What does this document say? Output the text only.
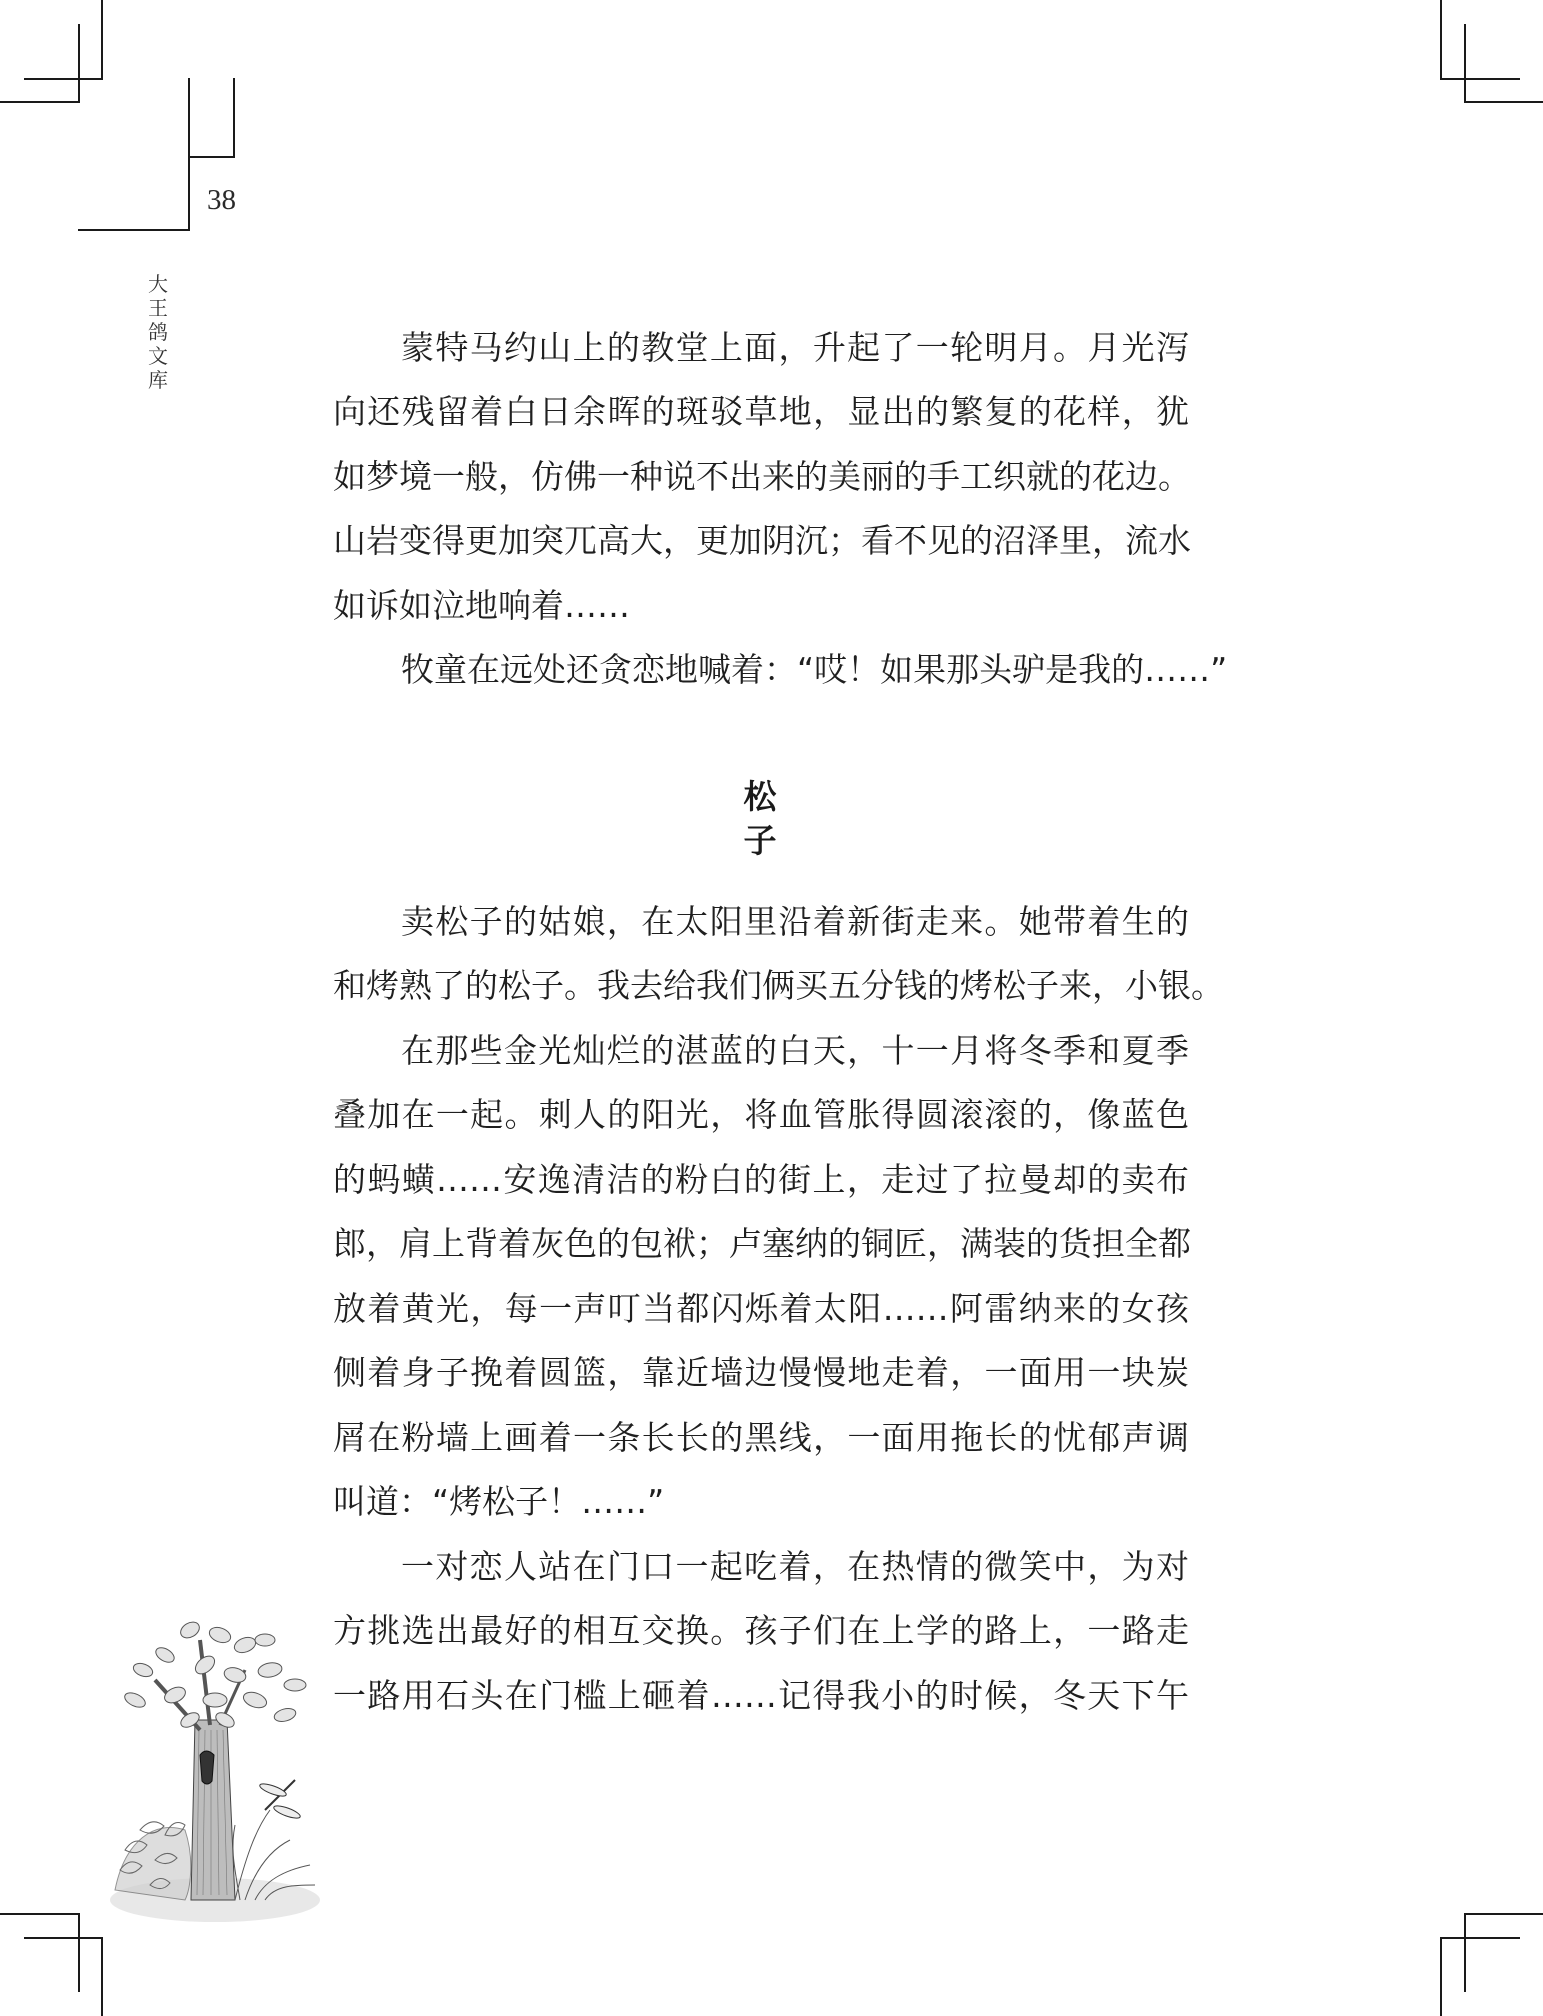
38
大王鸽文库
蒙特马约山上的教堂上面，升起了一轮明月。月光泻
向还残留着白日余晖的斑驳草地，显出的繁复的花样，犹
如梦境一般，仿佛一种说不出来的美丽的手工织就的花边。
山岩变得更加突兀高大，更加阴沉；看不见的沼泽里，流水
如诉如泣地响着……
牧童在远处还贪恋地喊着：“哎！如果那头驴是我的……”
松子
卖松子的姑娘，在太阳里沿着新街走来。她带着生的
和烤熟了的松子。我去给我们俩买五分钱的烤松子来，小银。
在那些金光灿烂的湛蓝的白天，十一月将冬季和夏季
叠加在一起。刺人的阳光，将血管胀得圆滚滚的，像蓝色
的蚂蟥……安逸清洁的粉白的街上，走过了拉曼却的卖布
郎，肩上背着灰色的包袱；卢塞纳的铜匠，满装的货担全都
放着黄光，每一声叮当都闪烁着太阳……阿雷纳来的女孩
侧着身子挽着圆篮，靠近墙边慢慢地走着，一面用一块炭
屑在粉墙上画着一条长长的黑线，一面用拖长的忧郁声调
叫道：“烤松子！……”
一对恋人站在门口一起吃着，在热情的微笑中，为对
方挑选出最好的相互交换。孩子们在上学的路上，一路走
一路用石头在门槛上砸着……记得我小的时候，冬天下午
